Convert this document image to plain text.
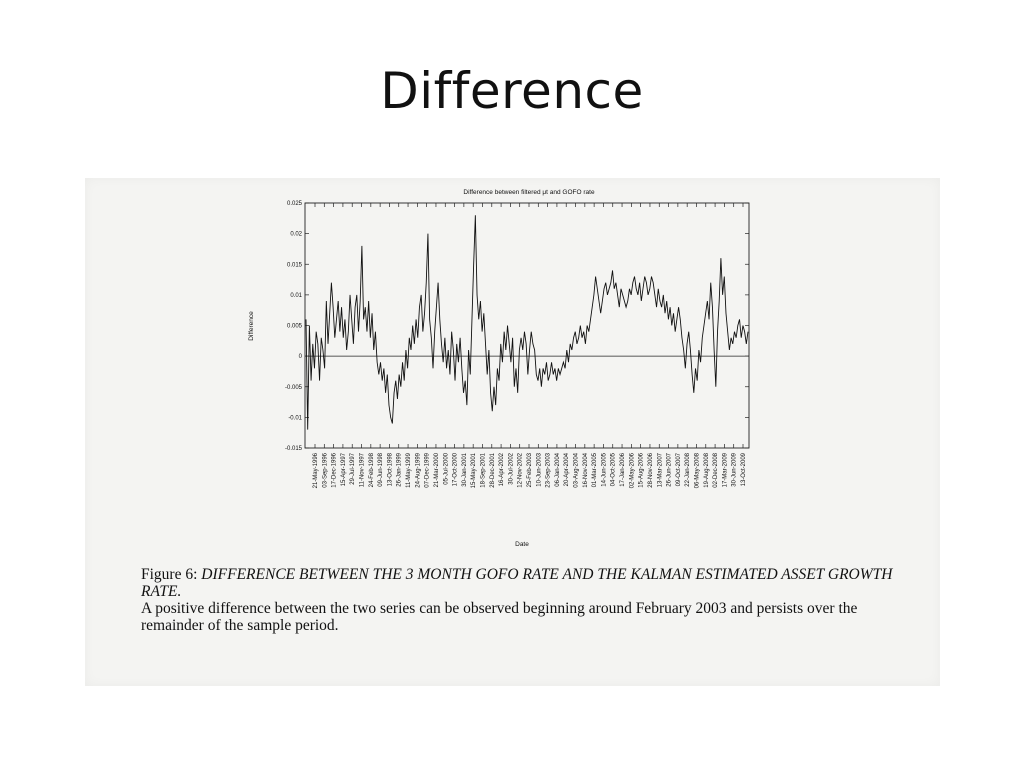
Difference
Difference between filtered μt and GOFO rate
-0.015
-0.01
-0.005
0
0.005
0.01
0.015
0.02
0.025
21-May-1996 03-Sep-1996 17-Dec-1996 15-Apr-1997 29-Jul-1997 11-Nov-1997 24-Feb-1998 09-Jun-1998 13-Oct-1998 26-Jan-1999 11-May-1999 24-Aug-1999 07-Dec-1999 21-Mar-2000 05-Jul-2000 17-Oct-2000 30-Jan-2001 15-May-2001 18-Sep-2001 28-Dec-2001 16-Apr-2002 30-Jul-2002 12-Nov-2002 25-Feb-2003 10-Jun-2003 23-Sep-2003 06-Jan-2004 20-Apr-2004 03-Aug-2004 16-Nov-2004 01-Mar-2005 14-Jun-2005 04-Oct-2005 17-Jan-2006 02-May-2006 15-Aug-2006 28-Nov-2006 13-Mar-2007 26-Jun-2007 09-Oct-2007 22-Jan-2008 06-May-2008 19-Aug-2008 02-Dec-2008 17-Mar-2009 30-Jun-2009 13-Oct-2009
Difference
Date
Figure 6: DIFFERENCE BETWEEN THE 3 MONTH GOFO RATE AND THE KALMAN ESTIMATED ASSET GROWTH RATE.
A positive difference between the two series can be observed beginning around February 2003 and persists over the remainder of the sample period.
